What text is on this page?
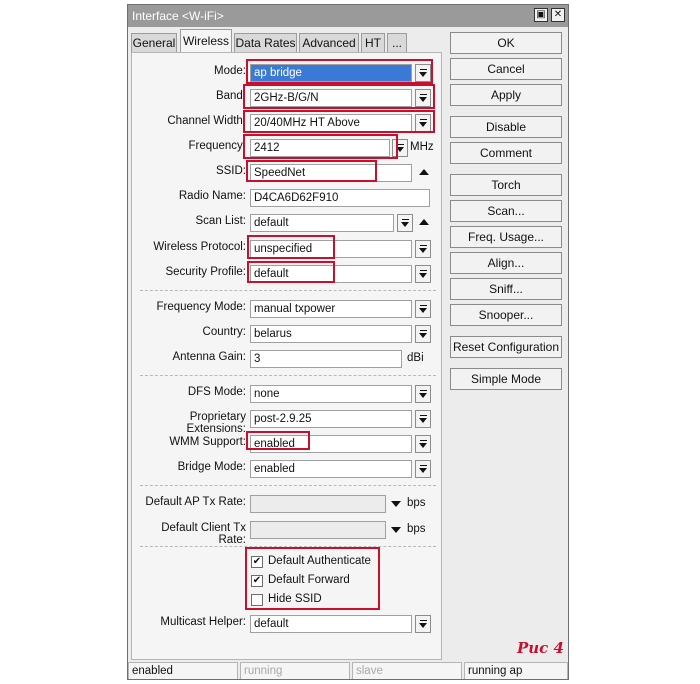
Interface <W-iFi>	▣ ✕
General Wireless Data Rates Advanced HT ...
Mode: ap bridge
Band: 2GHz-B/G/N
Channel Width: 20/40MHz HT Above
Frequency: 2412	MHz
SSID: SpeedNet
Radio Name: D4CA6D62F910
Scan List: default
Wireless Protocol: unspecified
Security Profile: default
Frequency Mode: manual txpower
Country: belarus
Antenna Gain: 3	dBi
DFS Mode: none
Proprietary Extensions:
post-2.9.25
WMM Support: enabled
Bridge Mode: enabled
Default AP Tx Rate:	bps
Default Client Tx Rate:
bps
✔ Default Authenticate
✔ Default Forward
Hide SSID
Multicast Helper: default
OK
Cancel
Apply
Disable
Comment
Torch
Scan...
Freq. Usage...
Align...
Sniff...
Snooper...
Reset Configuration
Simple Mode
Рис 4
enabled	running	slave	running ap
